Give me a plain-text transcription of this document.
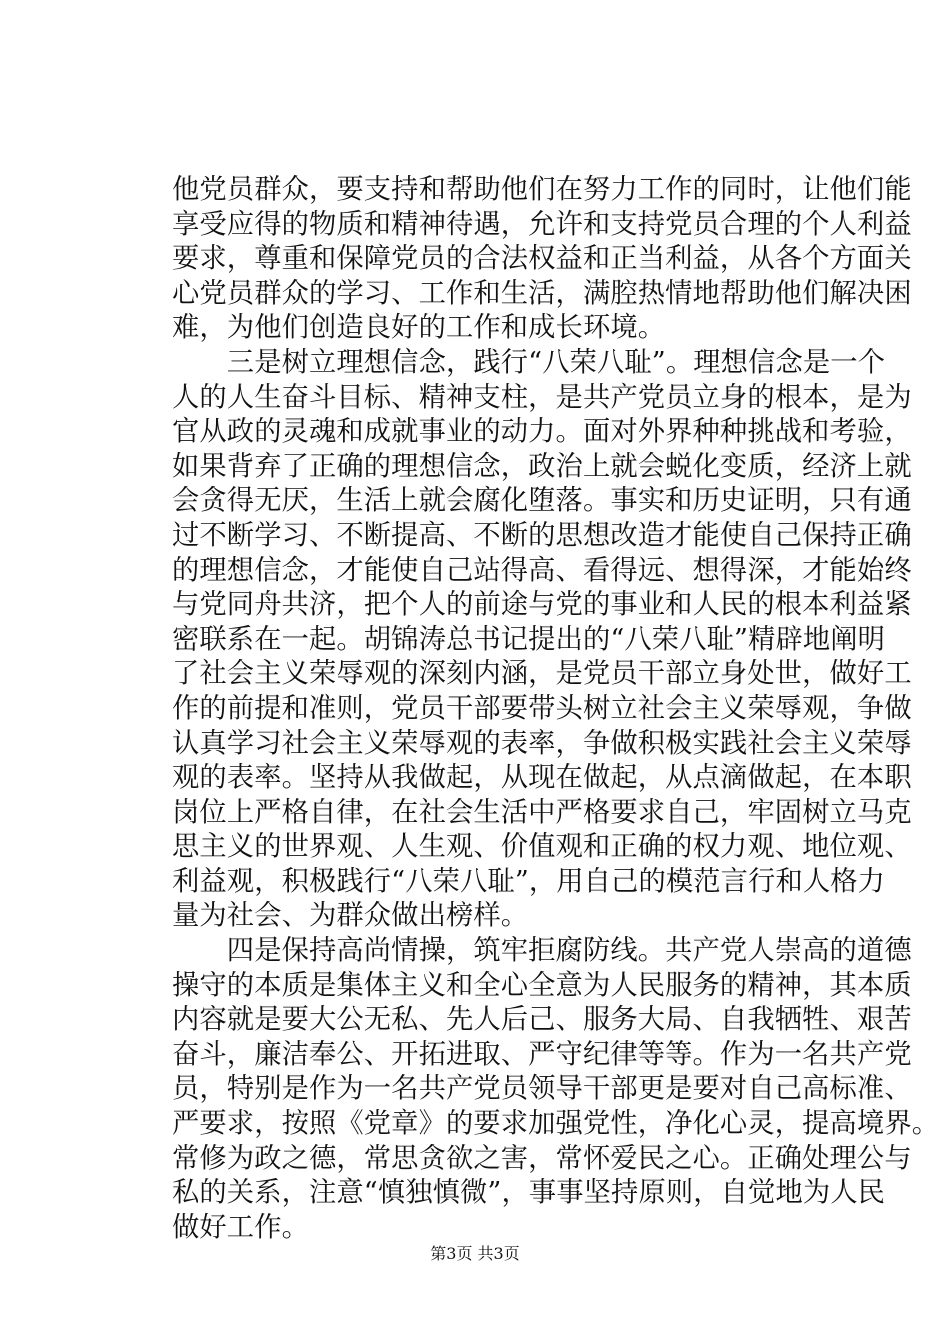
他党员群众，要支持和帮助他们在努力工作的同时，让他们能
享受应得的物质和精神待遇，允许和支持党员合理的个人利益
要求，尊重和保障党员的合法权益和正当利益，从各个方面关
心党员群众的学习、工作和生活，满腔热情地帮助他们解决困
难，为他们创造良好的工作和成长环境。
　　三是树立理想信念，践行“八荣八耻”。理想信念是一个
人的人生奋斗目标、精神支柱，是共产党员立身的根本，是为
官从政的灵魂和成就事业的动力。面对外界种种挑战和考验，
如果背弃了正确的理想信念，政治上就会蜕化变质，经济上就
会贪得无厌，生活上就会腐化堕落。事实和历史证明，只有通
过不断学习、不断提高、不断的思想改造才能使自己保持正确
的理想信念，才能使自己站得高、看得远、想得深，才能始终
与党同舟共济，把个人的前途与党的事业和人民的根本利益紧
密联系在一起。胡锦涛总书记提出的“八荣八耻”精辟地阐明
了社会主义荣辱观的深刻内涵，是党员干部立身处世，做好工
作的前提和准则，党员干部要带头树立社会主义荣辱观，争做
认真学习社会主义荣辱观的表率，争做积极实践社会主义荣辱
观的表率。坚持从我做起，从现在做起，从点滴做起，在本职
岗位上严格自律，在社会生活中严格要求自己，牢固树立马克
思主义的世界观、人生观、价值观和正确的权力观、地位观、
利益观，积极践行“八荣八耻”，用自己的模范言行和人格力
量为社会、为群众做出榜样。
　　四是保持高尚情操，筑牢拒腐防线。共产党人崇高的道德
操守的本质是集体主义和全心全意为人民服务的精神，其本质
内容就是要大公无私、先人后己、服务大局、自我牺牲、艰苦
奋斗，廉洁奉公、开拓进取、严守纪律等等。作为一名共产党
员，特别是作为一名共产党员领导干部更是要对自己高标准、
严要求，按照《党章》的要求加强党性，净化心灵，提高境界。
常修为政之德，常思贪欲之害，常怀爱民之心。正确处理公与
私的关系，注意“慎独慎微”，事事坚持原则，自觉地为人民
做好工作。
第3页 共3页
